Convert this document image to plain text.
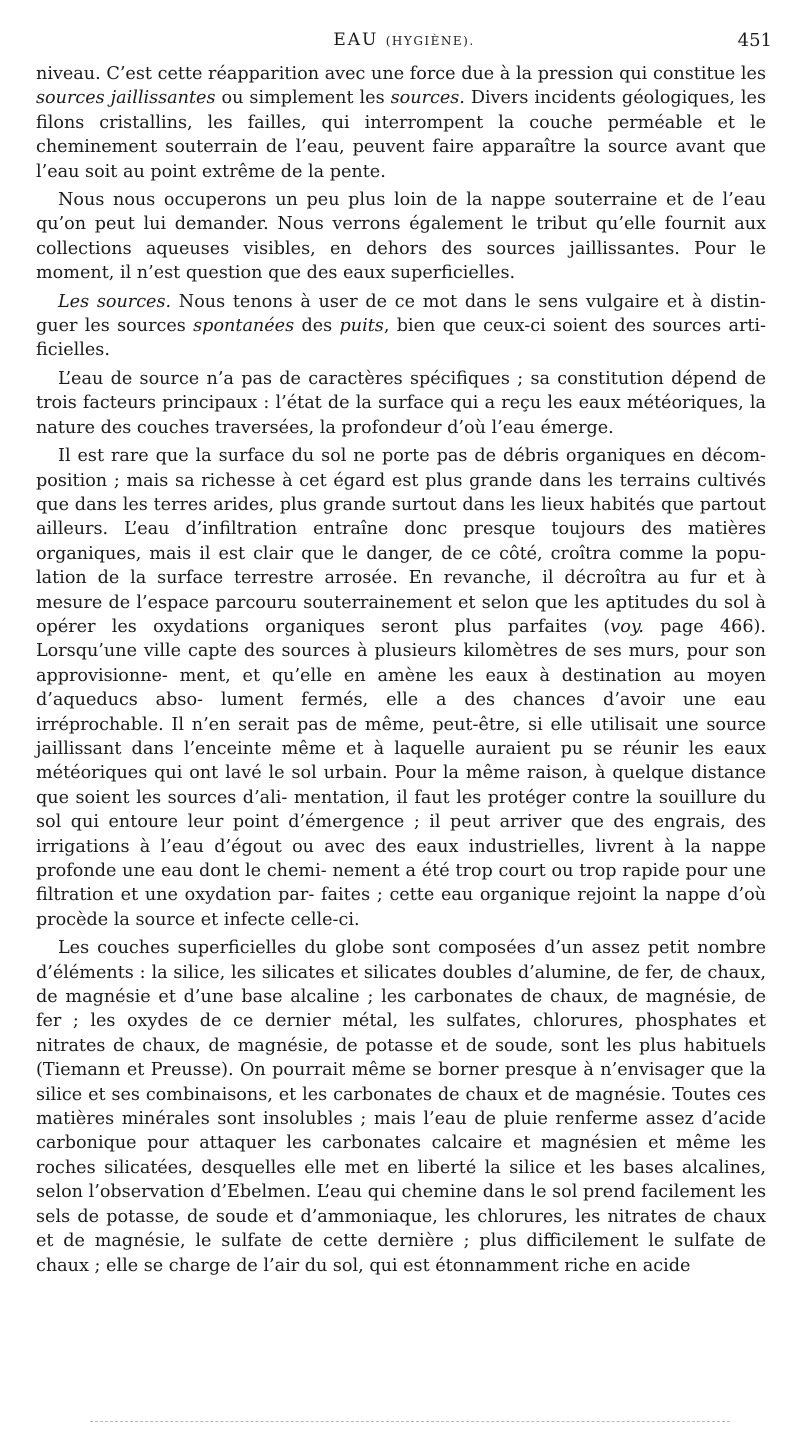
EAU (HYGIÈNE).	451

niveau. C’est cette réapparition avec une force due à la pression qui constitue les sources jaillissantes ou simplement les sources. Divers incidents géologiques, les filons cristallins, les failles, qui interrompent la couche perméable et le cheminement souterrain de l’eau, peuvent faire apparaître la source avant que l’eau soit au point extrême de la pente.

Nous nous occuperons un peu plus loin de la nappe souterraine et de l’eau qu’on peut lui demander. Nous verrons également le tribut qu’elle fournit aux collections aqueuses visibles, en dehors des sources jaillissantes. Pour le moment, il n’est question que des eaux superficielles.

Les sources. Nous tenons à user de ce mot dans le sens vulgaire et à distin- guer les sources spontanées des puits, bien que ceux-ci soient des sources arti- ficielles.

L’eau de source n’a pas de caractères spécifiques ; sa constitution dépend de trois facteurs principaux : l’état de la surface qui a reçu les eaux météoriques, la nature des couches traversées, la profondeur d’où l’eau émerge.

Il est rare que la surface du sol ne porte pas de débris organiques en décom- position ; mais sa richesse à cet égard est plus grande dans les terrains cultivés que dans les terres arides, plus grande surtout dans les lieux habités que partout ailleurs. L’eau d’infiltration entraîne donc presque toujours des matières organiques, mais il est clair que le danger, de ce côté, croîtra comme la popu- lation de la surface terrestre arrosée. En revanche, il décroîtra au fur et à mesure de l’espace parcouru souterrainement et selon que les aptitudes du sol à opérer les oxydations organiques seront plus parfaites (voy. page 466). Lorsqu’une ville capte des sources à plusieurs kilomètres de ses murs, pour son approvisionne- ment, et qu’elle en amène les eaux à destination au moyen d’aqueducs abso- lument fermés, elle a des chances d’avoir une eau irréprochable. Il n’en serait pas de même, peut-être, si elle utilisait une source jaillissant dans l’enceinte même et à laquelle auraient pu se réunir les eaux météoriques qui ont lavé le sol urbain. Pour la même raison, à quelque distance que soient les sources d’ali- mentation, il faut les protéger contre la souillure du sol qui entoure leur point d’émergence ; il peut arriver que des engrais, des irrigations à l’eau d’égout ou avec des eaux industrielles, livrent à la nappe profonde une eau dont le chemi- nement a été trop court ou trop rapide pour une filtration et une oxydation par- faites ; cette eau organique rejoint la nappe d’où procède la source et infecte celle-ci.

Les couches superficielles du globe sont composées d’un assez petit nombre d’éléments : la silice, les silicates et silicates doubles d’alumine, de fer, de chaux, de magnésie et d’une base alcaline ; les carbonates de chaux, de magnésie, de fer ; les oxydes de ce dernier métal, les sulfates, chlorures, phosphates et nitrates de chaux, de magnésie, de potasse et de soude, sont les plus habituels (Tiemann et Preusse). On pourrait même se borner presque à n’envisager que la silice et ses combinaisons, et les carbonates de chaux et de magnésie. Toutes ces matières minérales sont insolubles ; mais l’eau de pluie renferme assez d’acide carbonique pour attaquer les carbonates calcaire et magnésien et même les roches silicatées, desquelles elle met en liberté la silice et les bases alcalines, selon l’observation d’Ebelmen. L’eau qui chemine dans le sol prend facilement les sels de potasse, de soude et d’ammoniaque, les chlorures, les nitrates de chaux et de magnésie, le sulfate de cette dernière ; plus difficilement le sulfate de chaux ; elle se charge de l’air du sol, qui est étonnamment riche en acide
